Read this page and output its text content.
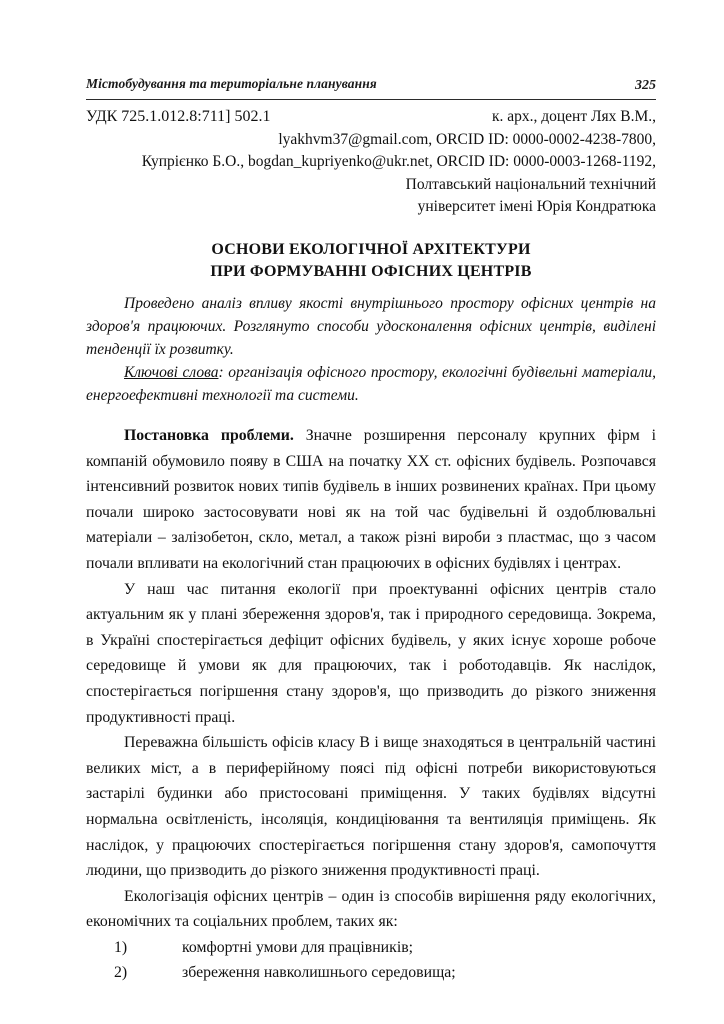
Містобудування та територіальне планування	325
УДК 725.1.012.8:711] 502.1	к. арх., доцент Лях В.М.,
lyakhvm37@gmail.com, ORCID ID: 0000-0002-4238-7800,
Купрієнко Б.О., bogdan_kupriyenko@ukr.net, ORCID ID: 0000-0003-1268-1192,
Полтавський національний технічний
університет імені Юрія Кондратюка
ОСНОВИ ЕКОЛОГІЧНОЇ АРХІТЕКТУРИ
ПРИ ФОРМУВАННІ ОФІСНИХ ЦЕНТРІВ
Проведено аналіз впливу якості внутрішнього простору офісних центрів на здоров'я працюючих. Розглянуто способи удосконалення офісних центрів, виділені тенденції їх розвитку.
Ключові слова: організація офісного простору, екологічні будівельні матеріали, енергоефективні технології та системи.

Постановка проблеми. Значне розширення персоналу крупних фірм і компаній обумовило появу в США на початку XX ст. офісних будівель. Розпочався інтенсивний розвиток нових типів будівель в інших розвинених країнах. При цьому почали широко застосовувати нові як на той час будівельні й оздоблювальні матеріали – залізобетон, скло, метал, а також різні вироби з пластмас, що з часом почали впливати на екологічний стан працюючих в офісних будівлях і центрах.

У наш час питання екології при проектуванні офісних центрів стало актуальним як у плані збереження здоров'я, так і природного середовища. Зокрема, в Україні спостерігається дефіцит офісних будівель, у яких існує хороше робоче середовище й умови як для працюючих, так і роботодавців. Як наслідок, спостерігається погіршення стану здоров'я, що призводить до різкого зниження продуктивності праці.

Переважна більшість офісів класу В і вище знаходяться в центральній частині великих міст, а в периферійному поясі під офісні потреби використовуються застарілі будинки або пристосовані приміщення. У таких будівлях відсутні нормальна освітленість, інсоляція, кондиціювання та вентиляція приміщень. Як наслідок, у працюючих спостерігається погіршення стану здоров'я, самопочуття людини, що призводить до різкого зниження продуктивності праці.

Екологізація офісних центрів – один із способів вирішення ряду екологічних, економічних та соціальних проблем, таких як:

1)	комфортні умови для працівників;
2)	збереження навколишнього середовища;
